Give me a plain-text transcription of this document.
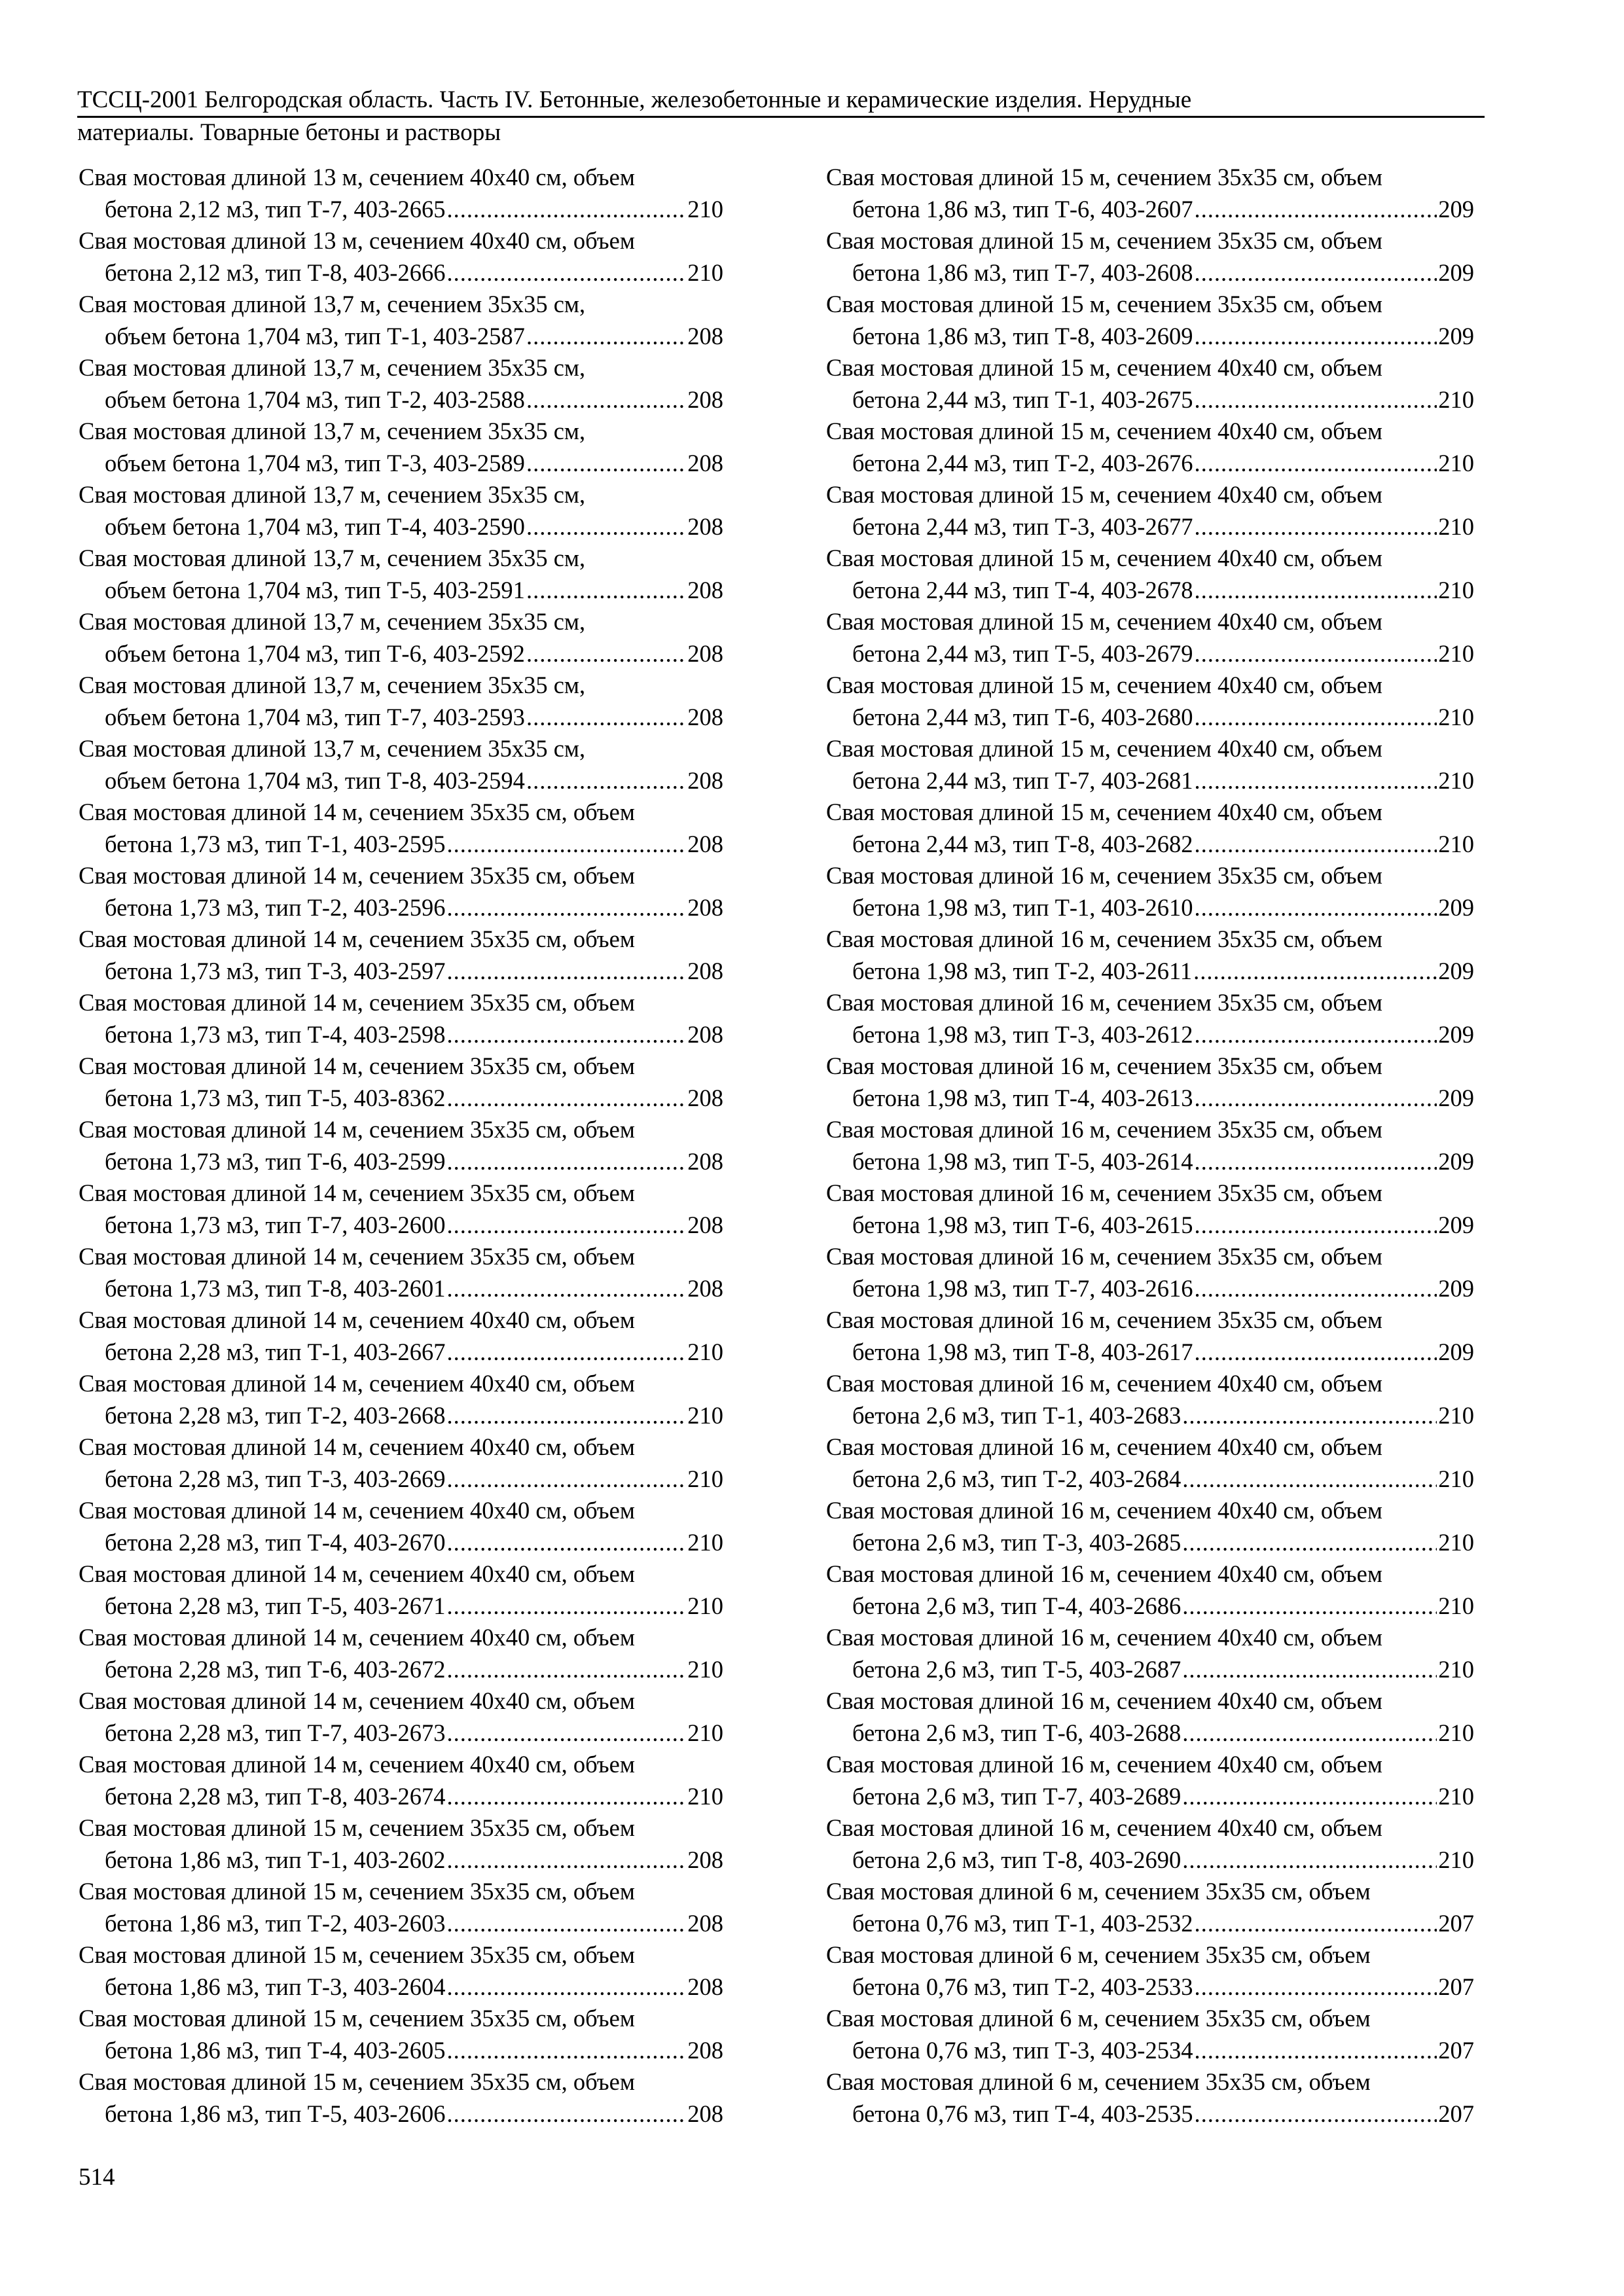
ТССЦ-2001 Белгородская область. Часть IV. Бетонные, железобетонные и керамические изделия. Нерудные
материалы. Товарные бетоны и растворы
Свая мостовая длиной 13 м, сечением 40х40 см, объем
бетона 2,12 м3, тип Т-7, 403-2665 .....	210
Свая мостовая длиной 13 м, сечением 40х40 см, объем
бетона 2,12 м3, тип Т-8, 403-2666 .....	210
Свая мостовая длиной 13,7 м, сечением 35х35 см,
объем бетона 1,704 м3, тип Т-1, 403-2587 .....	208
Свая мостовая длиной 13,7 м, сечением 35х35 см,
объем бетона 1,704 м3, тип Т-2, 403-2588 .....	208
Свая мостовая длиной 13,7 м, сечением 35х35 см,
объем бетона 1,704 м3, тип Т-3, 403-2589 .....	208
Свая мостовая длиной 13,7 м, сечением 35х35 см,
объем бетона 1,704 м3, тип Т-4, 403-2590 .....	208
Свая мостовая длиной 13,7 м, сечением 35х35 см,
объем бетона 1,704 м3, тип Т-5, 403-2591 .....	208
Свая мостовая длиной 13,7 м, сечением 35х35 см,
объем бетона 1,704 м3, тип Т-6, 403-2592 .....	208
Свая мостовая длиной 13,7 м, сечением 35х35 см,
объем бетона 1,704 м3, тип Т-7, 403-2593 .....	208
Свая мостовая длиной 13,7 м, сечением 35х35 см,
объем бетона 1,704 м3, тип Т-8, 403-2594 .....	208
Свая мостовая длиной 14 м, сечением 35х35 см, объем
бетона 1,73 м3, тип Т-1, 403-2595 .....	208
Свая мостовая длиной 14 м, сечением 35х35 см, объем
бетона 1,73 м3, тип Т-2, 403-2596 .....	208
Свая мостовая длиной 14 м, сечением 35х35 см, объем
бетона 1,73 м3, тип Т-3, 403-2597 .....	208
Свая мостовая длиной 14 м, сечением 35х35 см, объем
бетона 1,73 м3, тип Т-4, 403-2598 .....	208
Свая мостовая длиной 14 м, сечением 35х35 см, объем
бетона 1,73 м3, тип Т-5, 403-8362 .....	208
Свая мостовая длиной 14 м, сечением 35х35 см, объем
бетона 1,73 м3, тип Т-6, 403-2599 .....	208
Свая мостовая длиной 14 м, сечением 35х35 см, объем
бетона 1,73 м3, тип Т-7, 403-2600 .....	208
Свая мостовая длиной 14 м, сечением 35х35 см, объем
бетона 1,73 м3, тип Т-8, 403-2601 .....	208
Свая мостовая длиной 14 м, сечением 40х40 см, объем
бетона 2,28 м3, тип Т-1, 403-2667 .....	210
Свая мостовая длиной 14 м, сечением 40х40 см, объем
бетона 2,28 м3, тип Т-2, 403-2668 .....	210
Свая мостовая длиной 14 м, сечением 40х40 см, объем
бетона 2,28 м3, тип Т-3, 403-2669 .....	210
Свая мостовая длиной 14 м, сечением 40х40 см, объем
бетона 2,28 м3, тип Т-4, 403-2670 .....	210
Свая мостовая длиной 14 м, сечением 40х40 см, объем
бетона 2,28 м3, тип Т-5, 403-2671 .....	210
Свая мостовая длиной 14 м, сечением 40х40 см, объем
бетона 2,28 м3, тип Т-6, 403-2672 .....	210
Свая мостовая длиной 14 м, сечением 40х40 см, объем
бетона 2,28 м3, тип Т-7, 403-2673 .....	210
Свая мостовая длиной 14 м, сечением 40х40 см, объем
бетона 2,28 м3, тип Т-8, 403-2674 .....	210
Свая мостовая длиной 15 м, сечением 35х35 см, объем
бетона 1,86 м3, тип Т-1, 403-2602 .....	208
Свая мостовая длиной 15 м, сечением 35х35 см, объем
бетона 1,86 м3, тип Т-2, 403-2603 .....	208
Свая мостовая длиной 15 м, сечением 35х35 см, объем
бетона 1,86 м3, тип Т-3, 403-2604 .....	208
Свая мостовая длиной 15 м, сечением 35х35 см, объем
бетона 1,86 м3, тип Т-4, 403-2605 .....	208
Свая мостовая длиной 15 м, сечением 35х35 см, объем
бетона 1,86 м3, тип Т-5, 403-2606 .....	208
Свая мостовая длиной 15 м, сечением 35х35 см, объем
бетона 1,86 м3, тип Т-6, 403-2607 .....	209
Свая мостовая длиной 15 м, сечением 35х35 см, объем
бетона 1,86 м3, тип Т-7, 403-2608 .....	209
Свая мостовая длиной 15 м, сечением 35х35 см, объем
бетона 1,86 м3, тип Т-8, 403-2609 .....	209
Свая мостовая длиной 15 м, сечением 40х40 см, объем
бетона 2,44 м3, тип Т-1, 403-2675 .....	210
Свая мостовая длиной 15 м, сечением 40х40 см, объем
бетона 2,44 м3, тип Т-2, 403-2676 .....	210
Свая мостовая длиной 15 м, сечением 40х40 см, объем
бетона 2,44 м3, тип Т-3, 403-2677 .....	210
Свая мостовая длиной 15 м, сечением 40х40 см, объем
бетона 2,44 м3, тип Т-4, 403-2678 .....	210
Свая мостовая длиной 15 м, сечением 40х40 см, объем
бетона 2,44 м3, тип Т-5, 403-2679 .....	210
Свая мостовая длиной 15 м, сечением 40х40 см, объем
бетона 2,44 м3, тип Т-6, 403-2680 .....	210
Свая мостовая длиной 15 м, сечением 40х40 см, объем
бетона 2,44 м3, тип Т-7, 403-2681 .....	210
Свая мостовая длиной 15 м, сечением 40х40 см, объем
бетона 2,44 м3, тип Т-8, 403-2682 .....	210
Свая мостовая длиной 16 м, сечением 35х35 см, объем
бетона 1,98 м3, тип Т-1, 403-2610 .....	209
Свая мостовая длиной 16 м, сечением 35х35 см, объем
бетона 1,98 м3, тип Т-2, 403-2611 .....	209
Свая мостовая длиной 16 м, сечением 35х35 см, объем
бетона 1,98 м3, тип Т-3, 403-2612 .....	209
Свая мостовая длиной 16 м, сечением 35х35 см, объем
бетона 1,98 м3, тип Т-4, 403-2613 .....	209
Свая мостовая длиной 16 м, сечением 35х35 см, объем
бетона 1,98 м3, тип Т-5, 403-2614 .....	209
Свая мостовая длиной 16 м, сечением 35х35 см, объем
бетона 1,98 м3, тип Т-6, 403-2615 .....	209
Свая мостовая длиной 16 м, сечением 35х35 см, объем
бетона 1,98 м3, тип Т-7, 403-2616 .....	209
Свая мостовая длиной 16 м, сечением 35х35 см, объем
бетона 1,98 м3, тип Т-8, 403-2617 .....	209
Свая мостовая длиной 16 м, сечением 40х40 см, объем
бетона 2,6 м3, тип Т-1, 403-2683 .....	210
Свая мостовая длиной 16 м, сечением 40х40 см, объем
бетона 2,6 м3, тип Т-2, 403-2684 .....	210
Свая мостовая длиной 16 м, сечением 40х40 см, объем
бетона 2,6 м3, тип Т-3, 403-2685 .....	210
Свая мостовая длиной 16 м, сечением 40х40 см, объем
бетона 2,6 м3, тип Т-4, 403-2686 .....	210
Свая мостовая длиной 16 м, сечением 40х40 см, объем
бетона 2,6 м3, тип Т-5, 403-2687 .....	210
Свая мостовая длиной 16 м, сечением 40х40 см, объем
бетона 2,6 м3, тип Т-6, 403-2688 .....	210
Свая мостовая длиной 16 м, сечением 40х40 см, объем
бетона 2,6 м3, тип Т-7, 403-2689 .....	210
Свая мостовая длиной 16 м, сечением 40х40 см, объем
бетона 2,6 м3, тип Т-8, 403-2690 .....	210
Свая мостовая длиной 6 м, сечением 35х35 см, объем
бетона 0,76 м3, тип Т-1, 403-2532 .....	207
Свая мостовая длиной 6 м, сечением 35х35 см, объем
бетона 0,76 м3, тип Т-2, 403-2533 .....	207
Свая мостовая длиной 6 м, сечением 35х35 см, объем
бетона 0,76 м3, тип Т-3, 403-2534 .....	207
Свая мостовая длиной 6 м, сечением 35х35 см, объем
бетона 0,76 м3, тип Т-4, 403-2535 .....	207
514
